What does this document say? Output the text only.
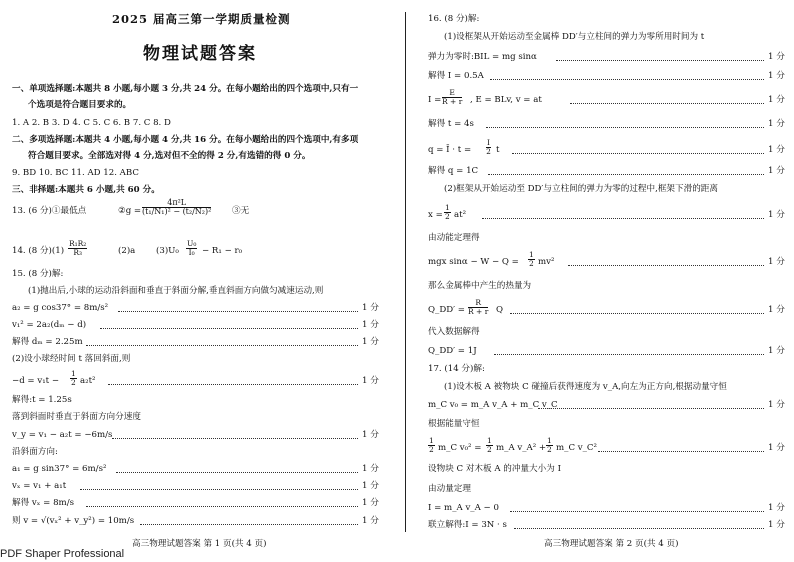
2025 届高三第一学期质量检测
物理试题答案
一、单项选择题:本题共 8 小题,每小题 3 分,共 24 分。在每小题给出的四个选项中,只有一
个选项是符合题目要求的。
1. A 2. B 3. D 4. C 5. C 6. B 7. C 8. D
二、多项选择题:本题共 4 小题,每小题 4 分,共 16 分。在每小题给出的四个选项中,有多项
符合题目要求。全部选对得 4 分,选对但不全的得 2 分,有选错的得 0 分。
9. BD 10. BC 11. AD 12. ABC
三、非择题:本题共 6 小题,共 60 分。
13. (6 分)①最低点	②g = $\frac{\text{4π²L}}{\text{(t₁/N₁)² − (t₂/N₂)²}}$ ③无
14. (8 分)$(1) \frac{\text{R₁R₂}}{\text{R₃}}$	(2)a $(3)U_0 \frac{\text{U₀}}{\text{I₀}} - R_1 - r_0$
15. (8 分)解:
(1)抛出后,小球的运动沿斜面和垂直于斜面分解,垂直斜面方向做匀减速运动,则
a₂ = g cos37° = 8m/s²	1 分
v₁² = 2a₂(dₘ − d)	1 分
解得 dₘ = 2.25m	1 分
(2)设小球经时间 t 落回斜面,则
$-d = v_1t - \frac{1}{2} a_2t^2$	1 分
解得:t = 1.25s
落到斜面时垂直于斜面方向分速度
v_y = v₁ − a₂t = −6m/s	1 分
沿斜面方向:
a₁ = g sin37° = 6m/s²	1 分
vₓ = v₁ + a₁t	1 分
解得 vₓ = 8m/s	1 分
则 v = √(vₓ² + v_y²) = 10m/s	1 分
高三物理试题答案 第 1 页(共 4 页)
PDF Shaper Professional
16. (8 分)解:
(1)设框架从开始运动至金属棒 DD′与立柱间的弹力为零所用时间为 t
弹力为零时:BIL = mg sinα	1 分
解得 I = 0.5A	1 分
$I = \frac{E}{R + r}$ , E = BLv, v = at	1 分
解得 t = 4s	1 分
q = Ī · $t = \frac{I}{2}$ t	1 分
解得 q = 1C	1 分
(2)框架从开始运动至 DD′与立柱间的弹力为零的过程中,框架下滑的距离
$x = \frac{1}{2} at^2$	1 分
由动能定理得
mgx $\sin\alpha - W - Q = \frac{1}{2} mv^2$	1 分
那么金属棒中产生的热量为
Q_DD′ = $\frac{R}{R + r}$ Q	1 分
代入数据解得
Q_DD′ = 1J	1 分
17. (14 分)解:
(1)设木板 A 被物块 C 碰撞后获得速度为 v_A,向左为正方向,根据动量守恒
m_C v₀ = m_A v_A + m_C v_C	1 分
根据能量守恒
$\frac{1}{2}$ m_C $v_0^2 = \frac{1}{2}$ m_A v_A² + $\frac{1}{2}$ m_C v_C²	1 分
设物块 C 对木板 A 的冲量大小为 I
由动量定理
I = m_A v_A − 0	1 分
联立解得:I = 3N · s	1 分
高三物理试题答案 第 2 页(共 4 页)
